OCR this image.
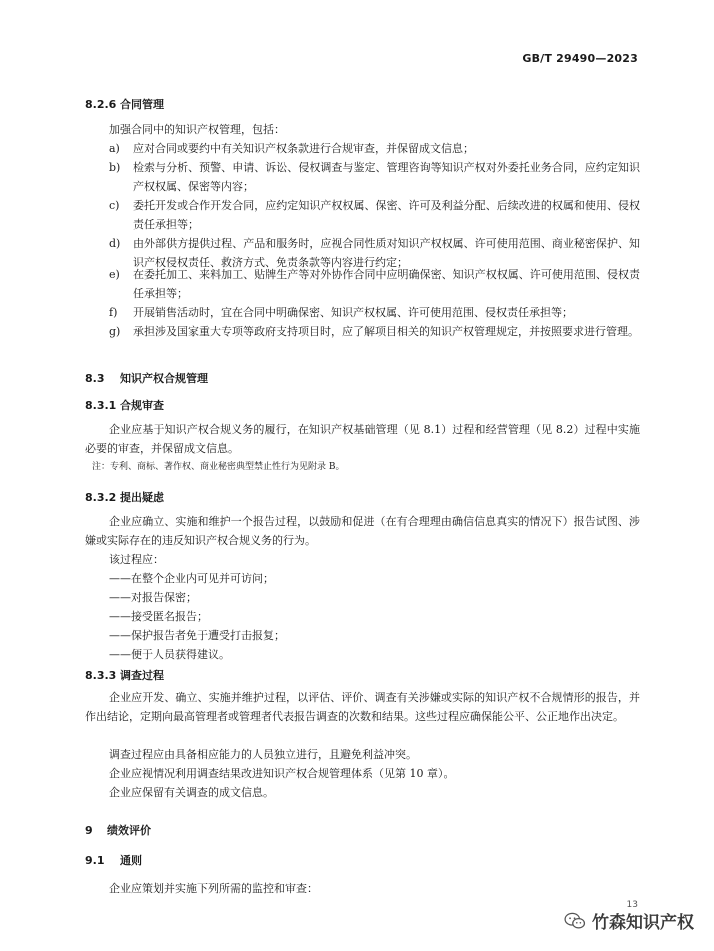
GB/T 29490—2023
8.2.6 合同管理
加强合同中的知识产权管理，包括：
a) 应对合同或要约中有关知识产权条款进行合规审查，并保留成文信息；
b) 检索与分析、预警、申请、诉讼、侵权调查与鉴定、管理咨询等知识产权对外委托业务合同，应约定知识产权权属、保密等内容；
c) 委托开发或合作开发合同，应约定知识产权权属、保密、许可及利益分配、后续改进的权属和使用、侵权责任承担等；
d) 由外部供方提供过程、产品和服务时，应视合同性质对知识产权权属、许可使用范围、商业秘密保护、知识产权侵权责任、救济方式、免责条款等内容进行约定；
e) 在委托加工、来料加工、贴牌生产等对外协作合同中应明确保密、知识产权权属、许可使用范围、侵权责任承担等；
f) 开展销售活动时，宜在合同中明确保密、知识产权权属、许可使用范围、侵权责任承担等；
g) 承担涉及国家重大专项等政府支持项目时，应了解项目相关的知识产权管理规定，并按照要求进行管理。
8.3 知识产权合规管理
8.3.1 合规审查
企业应基于知识产权合规义务的履行，在知识产权基础管理（见 8.1）过程和经营管理（见 8.2）过程中实施必要的审查，并保留成文信息。
注：专利、商标、著作权、商业秘密典型禁止性行为见附录 B。
8.3.2 提出疑虑
企业应确立、实施和维护一个报告过程，以鼓励和促进（在有合理理由确信信息真实的情况下）报告试图、涉嫌或实际存在的违反知识产权合规义务的行为。
该过程应：
——在整个企业内可见并可访问；
——对报告保密；
——接受匿名报告；
——保护报告者免于遭受打击报复；
——便于人员获得建议。
8.3.3 调查过程
企业应开发、确立、实施并维护过程，以评估、评价、调查有关涉嫌或实际的知识产权不合规情形的报告，并作出结论，定期向最高管理者或管理者代表报告调查的次数和结果。这些过程应确保能公平、公正地作出决定。
调查过程应由具备相应能力的人员独立进行，且避免利益冲突。
企业应视情况利用调查结果改进知识产权合规管理体系（见第 10 章）。
企业应保留有关调查的成文信息。
9 绩效评价
9.1 通则
企业应策划并实施下列所需的监控和审查：
13
竹森知识产权
